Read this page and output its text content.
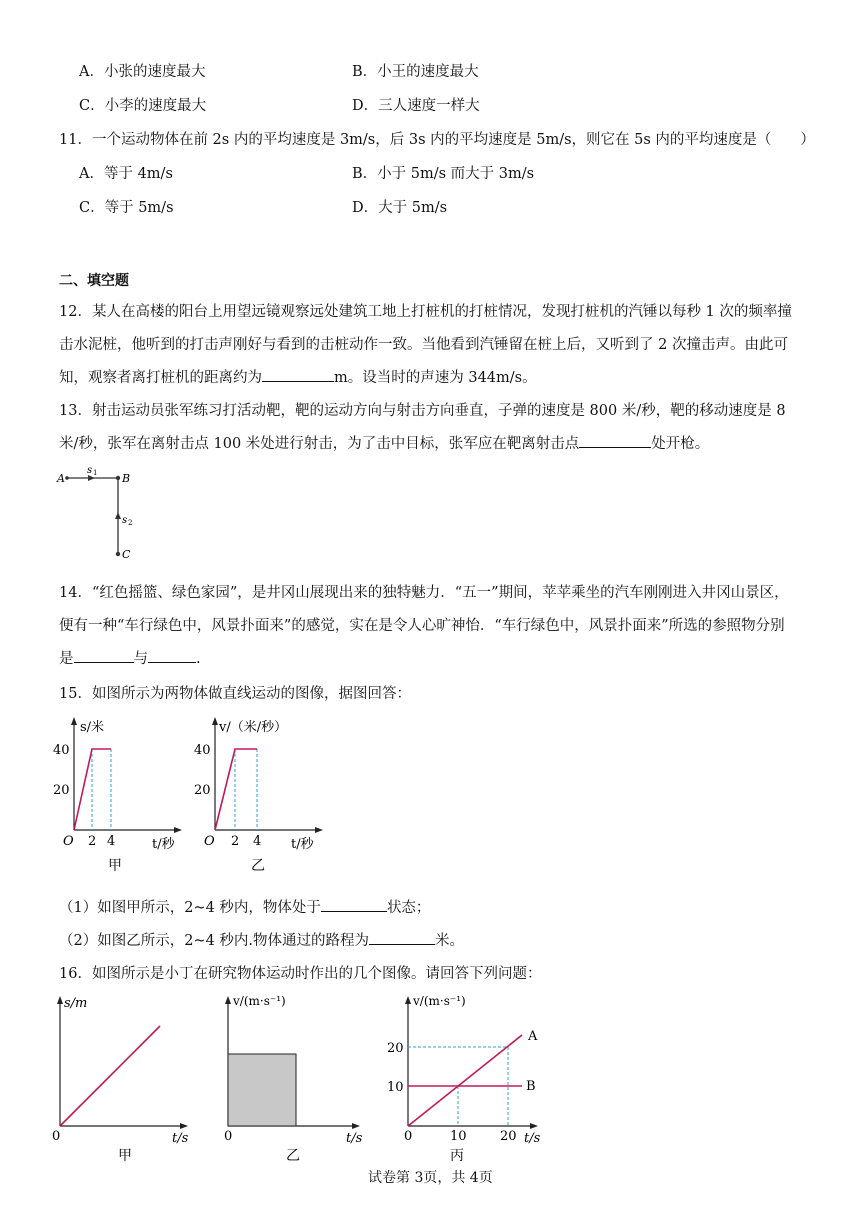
A．小张的速度最大	B．小王的速度最大
C．小李的速度最大	D．三人速度一样大
11．一个运动物体在前 2s 内的平均速度是 3m/s，后 3s 内的平均速度是 5m/s，则它在 5s 内的平均速度是（　　）
A．等于 4m/s	B．小于 5m/s 而大于 3m/s
C．等于 5m/s	D．大于 5m/s
二、填空题
12．某人在高楼的阳台上用望远镜观察远处建筑工地上打桩机的打桩情况，发现打桩机的汽锤以每秒 1 次的频率撞
击水泥桩，他听到的打击声刚好与看到的击桩动作一致。当他看到汽锤留在桩上后，又听到了 2 次撞击声。由此可
知，观察者离打桩机的距离约为	m。设当时的声速为 344m/s。
13．射击运动员张军练习打活动靶，靶的运动方向与射击方向垂直，子弹的速度是 800 米/秒，靶的移动速度是 8
米/秒，张军在离射击点 100 米处进行射击，为了击中目标，张军应在靶离射击点	处开枪。
A	B
C
s 1
s 2
14．“红色摇篮、绿色家园”，是井冈山展现出来的独特魅力．“五一”期间，苹苹乘坐的汽车刚刚进入井冈山景区，
便有一种“车行绿色中，风景扑面来”的感觉，实在是令人心旷神怡．“车行绿色中，风景扑面来”所选的参照物分别
是	与	.
15．如图所示为两物体做直线运动的图像，据图回答：
s/米
40
20
O 2 4	t/秒
甲
v/（米/秒）
40
20
O 2 4 t/秒
乙
（1）如图甲所示，2~4 秒内，物体处于	状态；
（2）如图乙所示，2~4 秒内.物体通过的路程为	米。
16．如图所示是小丁在研究物体运动时作出的几个图像。请回答下列问题：
s/m
0	t/s
甲
v/(m·s⁻¹)
0	t/s
乙
v/(m·s⁻¹)
A
B
20
10
0	10	20 t/s
丙
试卷第 3页，共 4页
